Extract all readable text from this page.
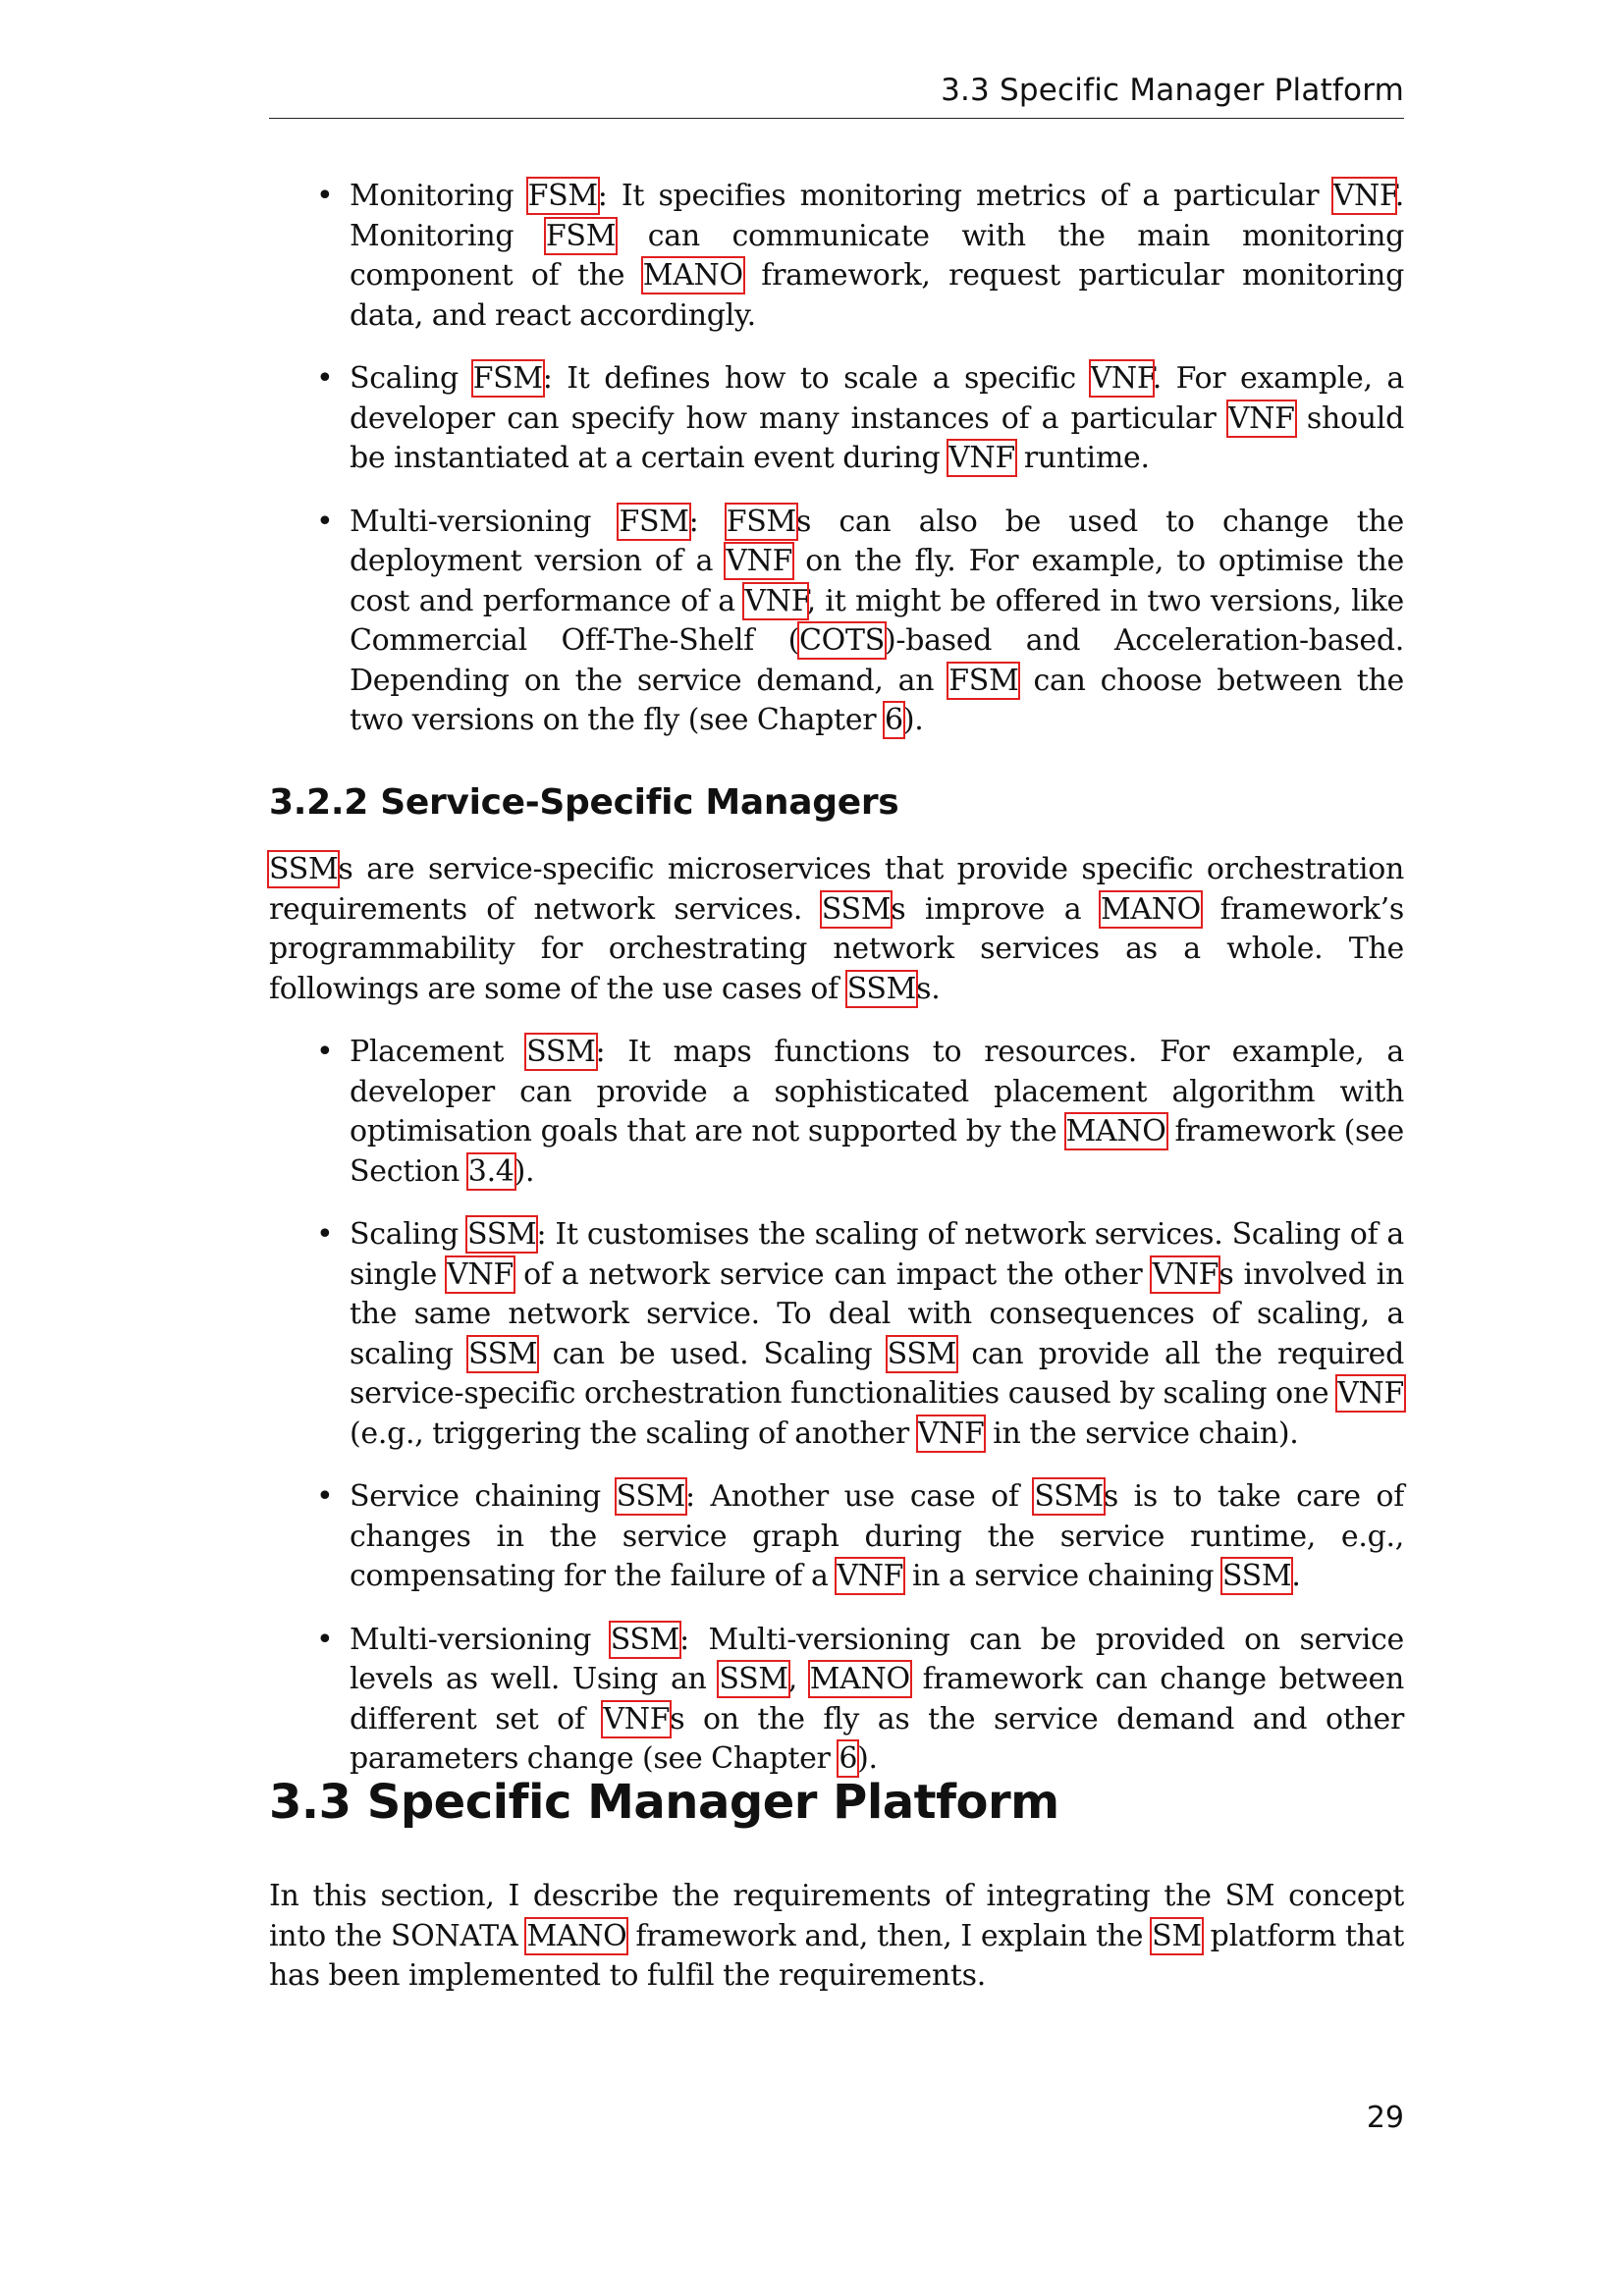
3.3 Specific Manager Platform
• Monitoring FSM: It specifies monitoring metrics of a particular VNF. Monitoring FSM can communicate with the main monitoring component of the MANO framework, request particular monitoring data, and react accordingly.

• Scaling FSM: It defines how to scale a specific VNF. For example, a developer can specify how many instances of a particular VNF should be instantiated at a certain event during VNF runtime.

• Multi-versioning FSM: FSMs can also be used to change the deployment version of a VNF on the fly. For example, to optimise the cost and performance of a VNF, it might be offered in two versions, like Commercial Off-The-Shelf (COTS)-based and Acceleration-based. Depending on the service demand, an FSM can choose between the two versions on the fly (see Chapter 6).

3.2.2 Service-Specific Managers

SSMs are service-specific microservices that provide specific orchestration requirements of network services. SSMs improve a MANO framework’s programmability for orchestrating network services as a whole. The followings are some of the use cases of SSMs.

• Placement SSM: It maps functions to resources. For example, a developer can provide a sophisticated placement algorithm with optimisation goals that are not supported by the MANO framework (see Section 3.4).

• Scaling SSM: It customises the scaling of network services. Scaling of a single VNF of a network service can impact the other VNFs involved in the same network service. To deal with consequences of scaling, a scaling SSM can be used. Scaling SSM can provide all the required service-specific orchestration functionalities caused by scaling one VNF (e.g., triggering the scaling of another VNF in the service chain).

• Service chaining SSM: Another use case of SSMs is to take care of changes in the service graph during the service runtime, e.g., compensating for the failure of a VNF in a service chaining SSM.

• Multi-versioning SSM: Multi-versioning can be provided on service levels as well. Using an SSM, MANO framework can change between different set of VNFs on the fly as the service demand and other parameters change (see Chapter 6).

3.3 Specific Manager Platform

In this section, I describe the requirements of integrating the SM concept into the SONATA MANO framework and, then, I explain the SM platform that has been implemented to fulfil the requirements.

29
